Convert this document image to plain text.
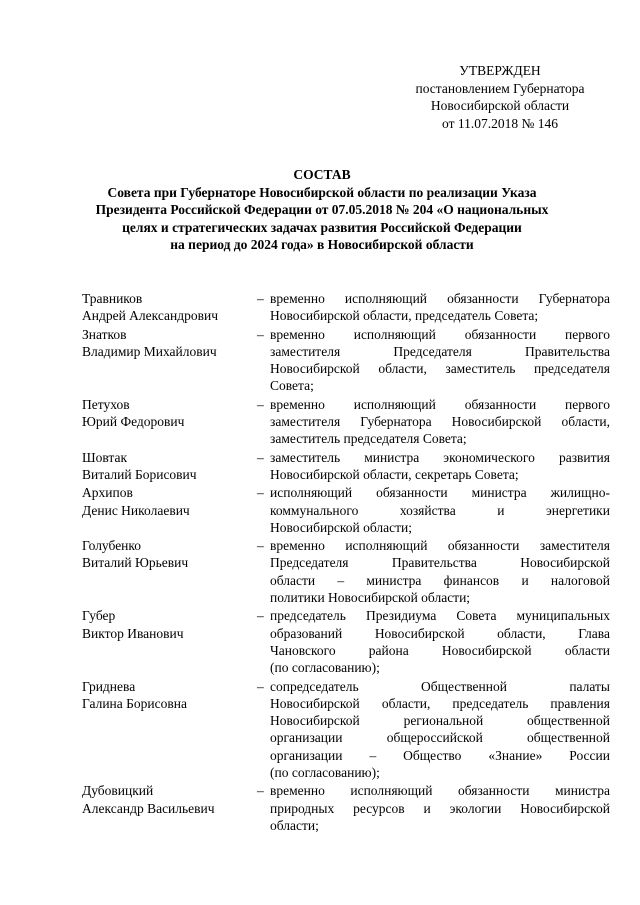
УТВЕРЖДЕН
постановлением Губернатора
Новосибирской области
от 11.07.2018 № 146
СОСТАВ
Совета при Губернаторе Новосибирской области по реализации Указа
Президента Российской Федерации от 07.05.2018 № 204 «О национальных
целях и стратегических задачах развития Российской Федерации
на период до 2024 года» в Новосибирской области
Травников
Андрей Александрович
– временно исполняющий обязанности Губернатора
Новосибирской области, председатель Совета;
Знатков
Владимир Михайлович
– временно исполняющий обязанности первого
заместителя	Председателя	Правительства
Новосибирской области, заместитель председателя
Совета;
Петухов
Юрий Федорович
– временно исполняющий обязанности первого
заместителя Губернатора Новосибирской области,
заместитель председателя Совета;
Шовтак
Виталий Борисович
– заместитель министра экономического развития
Новосибирской области, секретарь Совета;
Архипов
Денис Николаевич
– исполняющий обязанности министра жилищно-
коммунального	хозяйства	и	энергетики
Новосибирской области;
Голубенко
Виталий Юрьевич
– временно исполняющий обязанности заместителя
Председателя	Правительства	Новосибирской
области – министра финансов и налоговой
политики Новосибирской области;
Губер
Виктор Иванович
– председатель Президиума Совета муниципальных
образований Новосибирской области, Глава
Чановского района Новосибирской области
(по согласованию);
Гриднева
Галина Борисовна
– сопредседатель	Общественной	палаты
Новосибирской области, председатель правления
Новосибирской	региональной	общественной
организации	общероссийской	общественной
организации – Общество «Знание» России
(по согласованию);
Дубовицкий
Александр Васильевич
– временно исполняющий обязанности министра
природных ресурсов и экологии Новосибирской
области;
